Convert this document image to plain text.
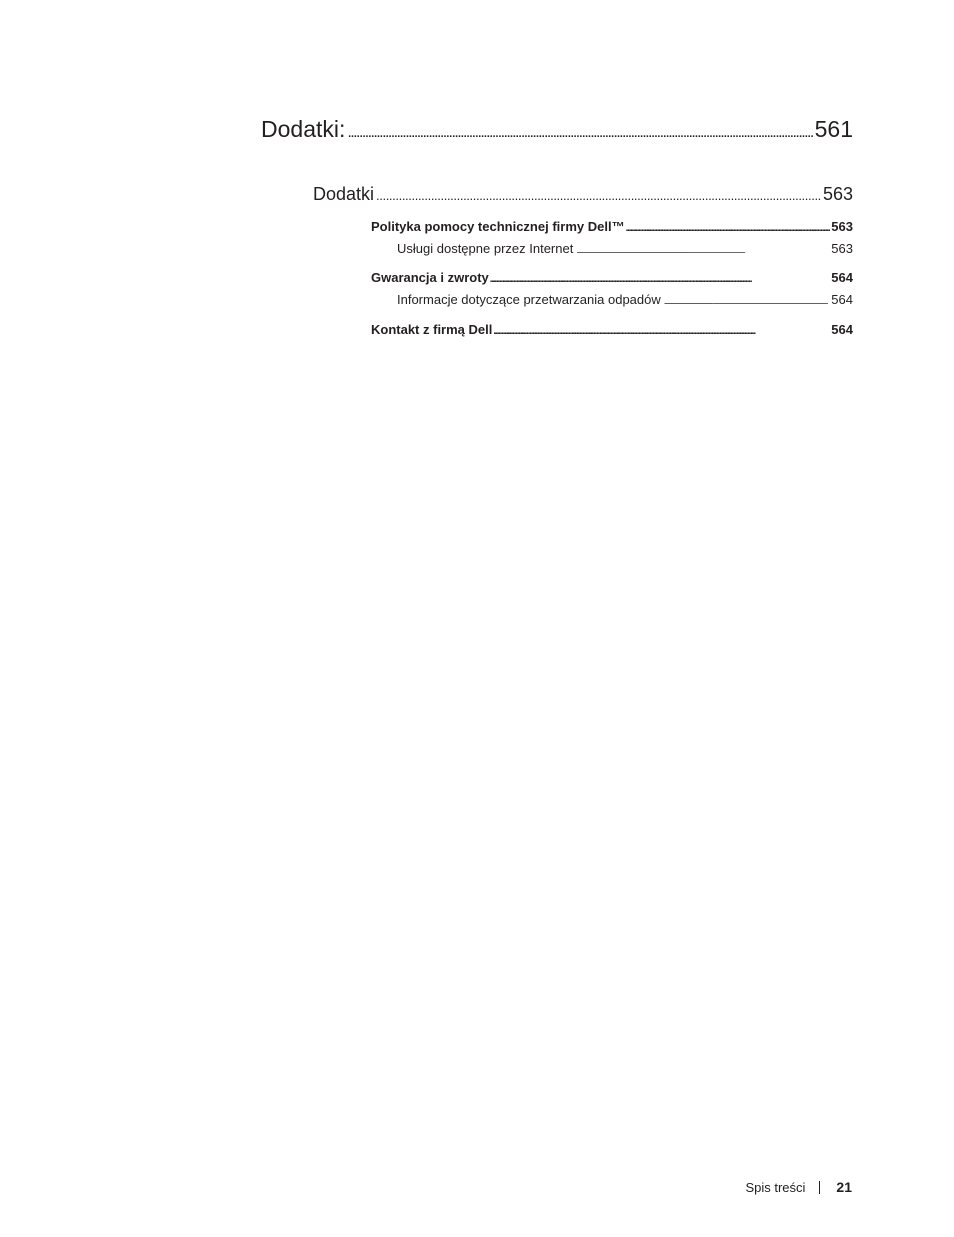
Dodatki: . . .	561
Dodatki . . .	563
Polityka pomocy technicznej firmy Dell™ . . .	563
Usługi dostępne przez Internet . . .	563
Gwarancja i zwroty . . .	564
Informacje dotyczące przetwarzania odpadów . . .	564
Kontakt z firmą Dell . . .	564
Spis treści 21
